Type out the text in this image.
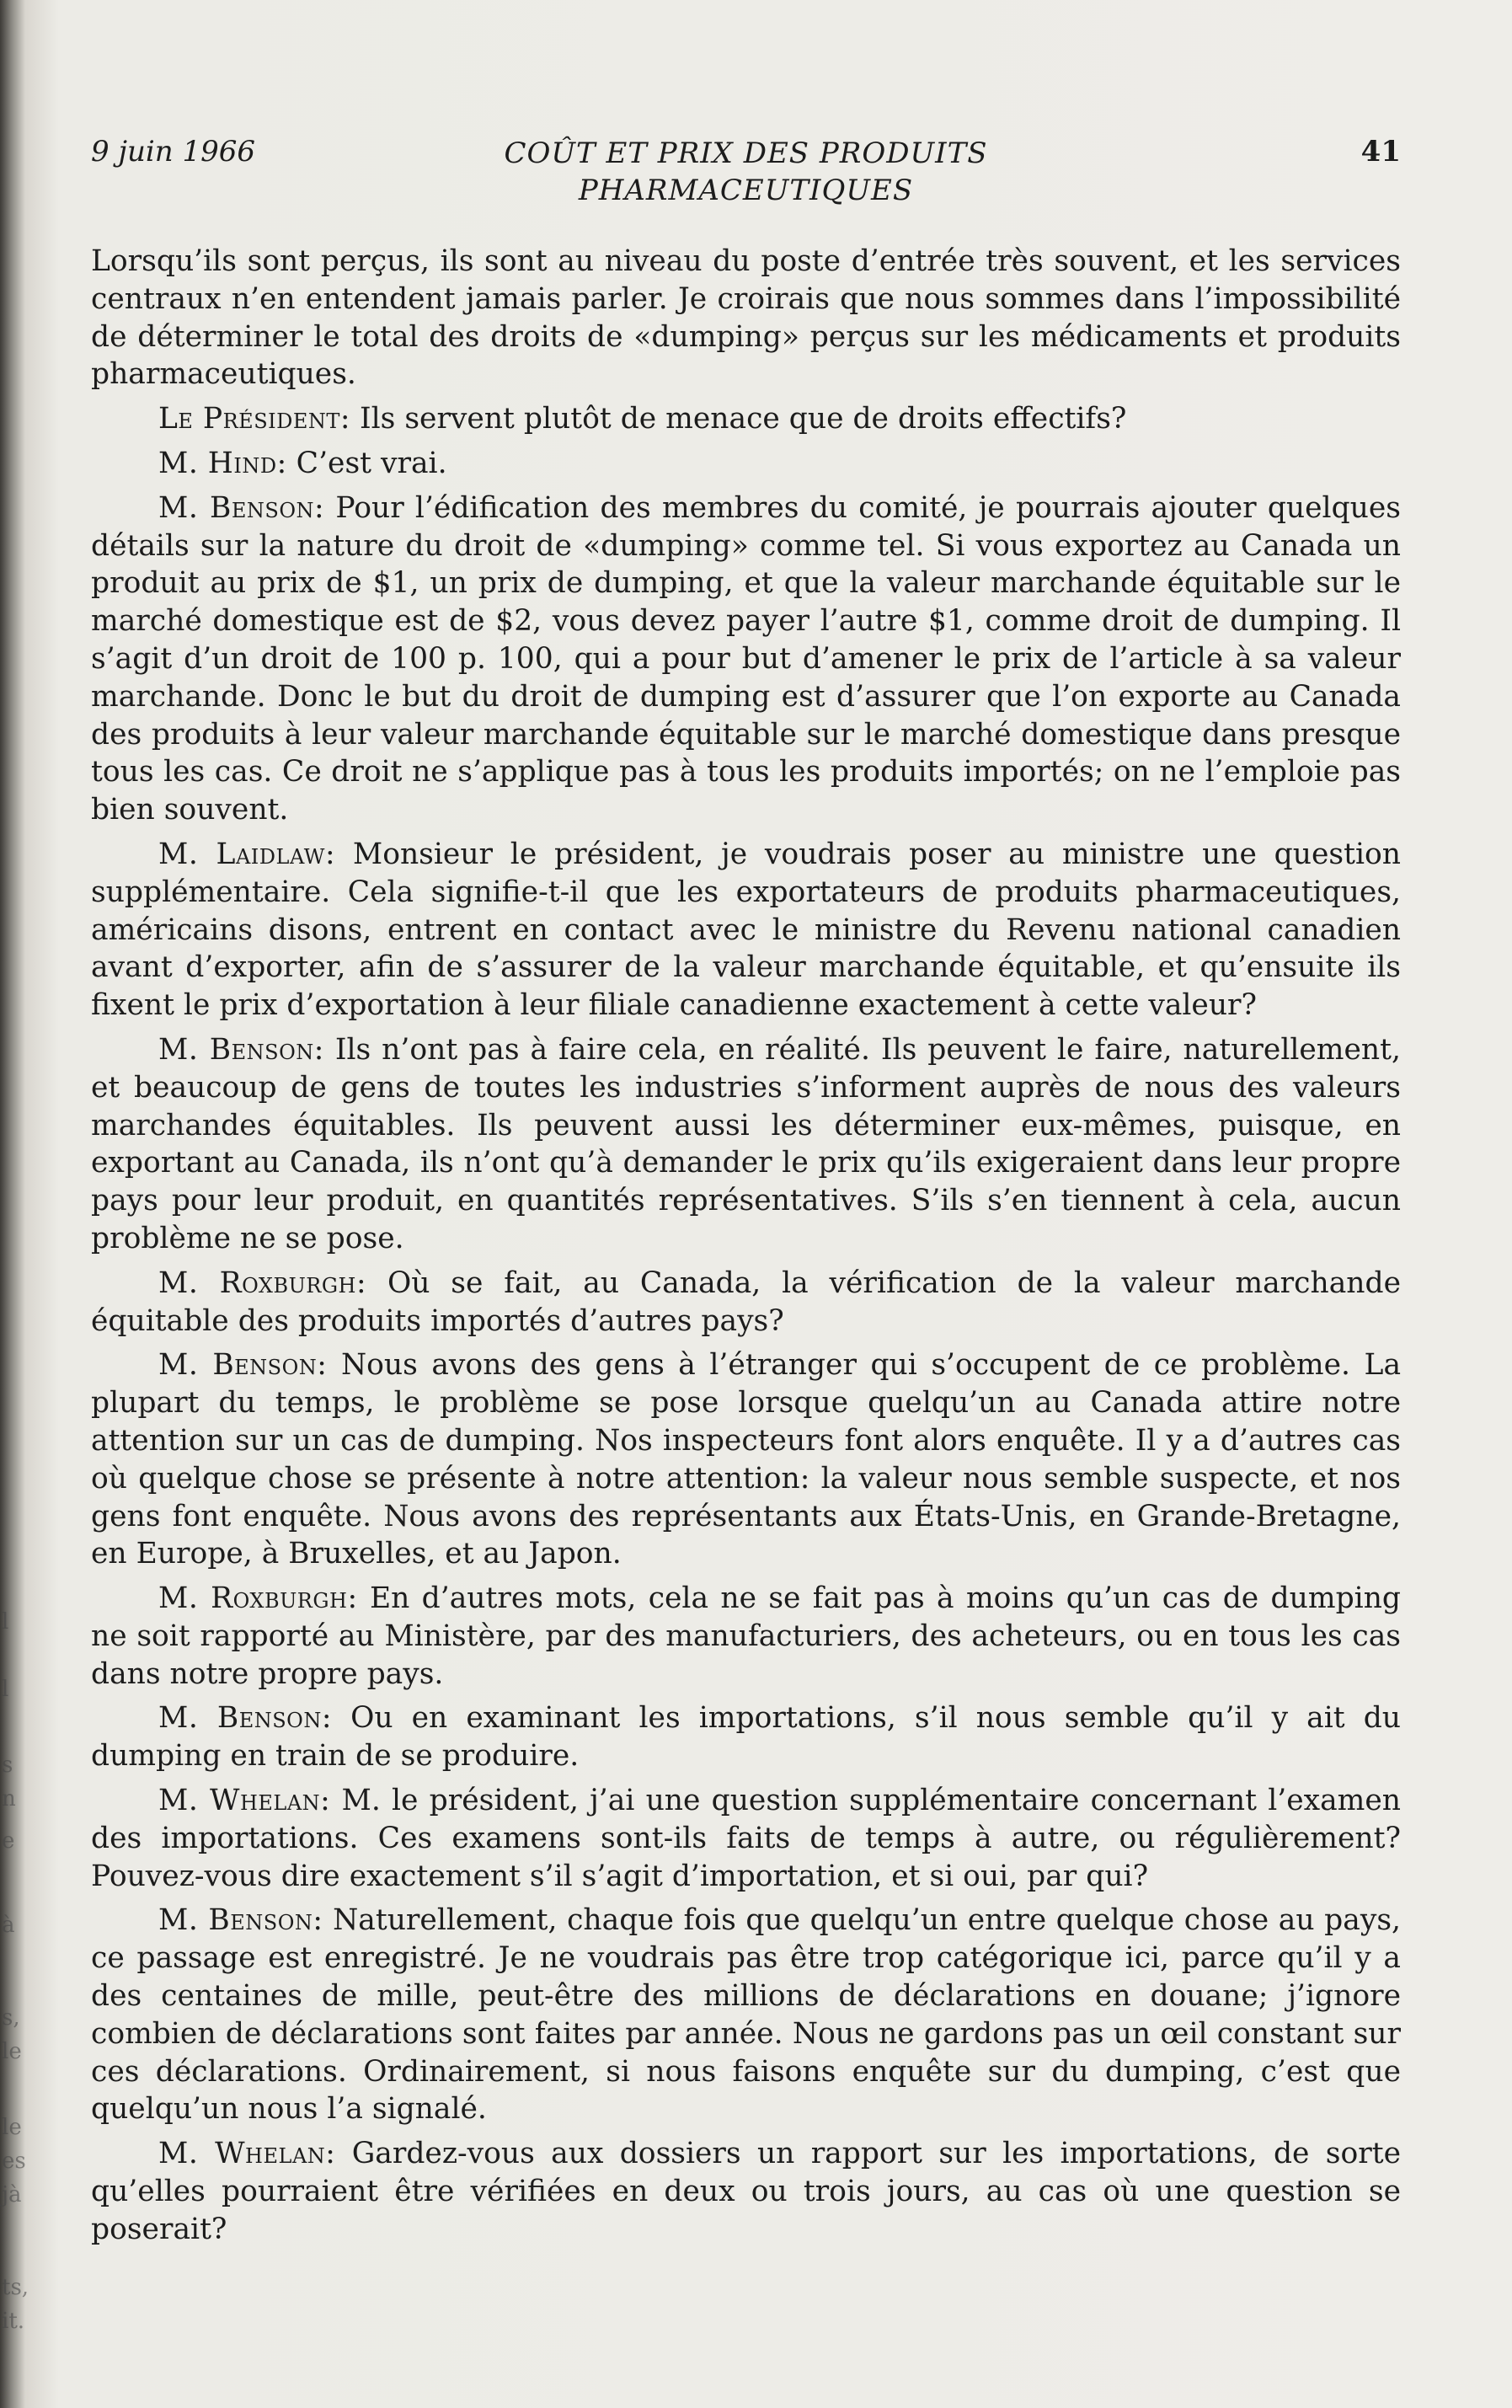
l
l
s
n
e
à
s,
le
le
es
jà
ts,
it.
9 juin 1966	COÛT ET PRIX DES PRODUITS
PHARMACEUTIQUES
41

Lorsqu’ils sont perçus, ils sont au niveau du poste d’entrée très souvent, et les services centraux n’en entendent jamais parler. Je croirais que nous sommes dans l’impossibilité de déterminer le total des droits de «dumping» perçus sur les médicaments et produits pharmaceutiques.

Le Président: Ils servent plutôt de menace que de droits effectifs?

M. Hind: C’est vrai.

M. Benson: Pour l’édification des membres du comité, je pourrais ajouter quelques détails sur la nature du droit de «dumping» comme tel. Si vous exportez au Canada un produit au prix de $1, un prix de dumping, et que la valeur marchande équitable sur le marché domestique est de $2, vous devez payer l’autre $1, comme droit de dumping. Il s’agit d’un droit de 100 p. 100, qui a pour but d’amener le prix de l’article à sa valeur marchande. Donc le but du droit de dumping est d’assurer que l’on exporte au Canada des produits à leur valeur marchande équitable sur le marché domestique dans presque tous les cas. Ce droit ne s’applique pas à tous les produits importés; on ne l’emploie pas bien souvent.

M. Laidlaw: Monsieur le président, je voudrais poser au ministre une question supplémentaire. Cela signifie-t-il que les exportateurs de produits pharmaceutiques, américains disons, entrent en contact avec le ministre du Revenu national canadien avant d’exporter, afin de s’assurer de la valeur marchande équitable, et qu’ensuite ils fixent le prix d’exportation à leur filiale canadienne exactement à cette valeur?

M. Benson: Ils n’ont pas à faire cela, en réalité. Ils peuvent le faire, naturellement, et beaucoup de gens de toutes les industries s’informent auprès de nous des valeurs marchandes équitables. Ils peuvent aussi les déterminer eux-mêmes, puisque, en exportant au Canada, ils n’ont qu’à demander le prix qu’ils exigeraient dans leur propre pays pour leur produit, en quantités représentatives. S’ils s’en tiennent à cela, aucun problème ne se pose.

M. Roxburgh: Où se fait, au Canada, la vérification de la valeur marchande équitable des produits importés d’autres pays?

M. Benson: Nous avons des gens à l’étranger qui s’occupent de ce problème. La plupart du temps, le problème se pose lorsque quelqu’un au Canada attire notre attention sur un cas de dumping. Nos inspecteurs font alors enquête. Il y a d’autres cas où quelque chose se présente à notre attention: la valeur nous semble suspecte, et nos gens font enquête. Nous avons des représentants aux États-Unis, en Grande-Bretagne, en Europe, à Bruxelles, et au Japon.

M. Roxburgh: En d’autres mots, cela ne se fait pas à moins qu’un cas de dumping ne soit rapporté au Ministère, par des manufacturiers, des acheteurs, ou en tous les cas dans notre propre pays.

M. Benson: Ou en examinant les importations, s’il nous semble qu’il y ait du dumping en train de se produire.

M. Whelan: M. le président, j’ai une question supplémentaire concernant l’examen des importations. Ces examens sont-ils faits de temps à autre, ou régulièrement? Pouvez-vous dire exactement s’il s’agit d’importation, et si oui, par qui?

M. Benson: Naturellement, chaque fois que quelqu’un entre quelque chose au pays, ce passage est enregistré. Je ne voudrais pas être trop catégorique ici, parce qu’il y a des centaines de mille, peut-être des millions de déclarations en douane; j’ignore combien de déclarations sont faites par année. Nous ne gardons pas un œil constant sur ces déclarations. Ordinairement, si nous faisons enquête sur du dumping, c’est que quelqu’un nous l’a signalé.

M. Whelan: Gardez-vous aux dossiers un rapport sur les importations, de sorte qu’elles pourraient être vérifiées en deux ou trois jours, au cas où une question se poserait?
